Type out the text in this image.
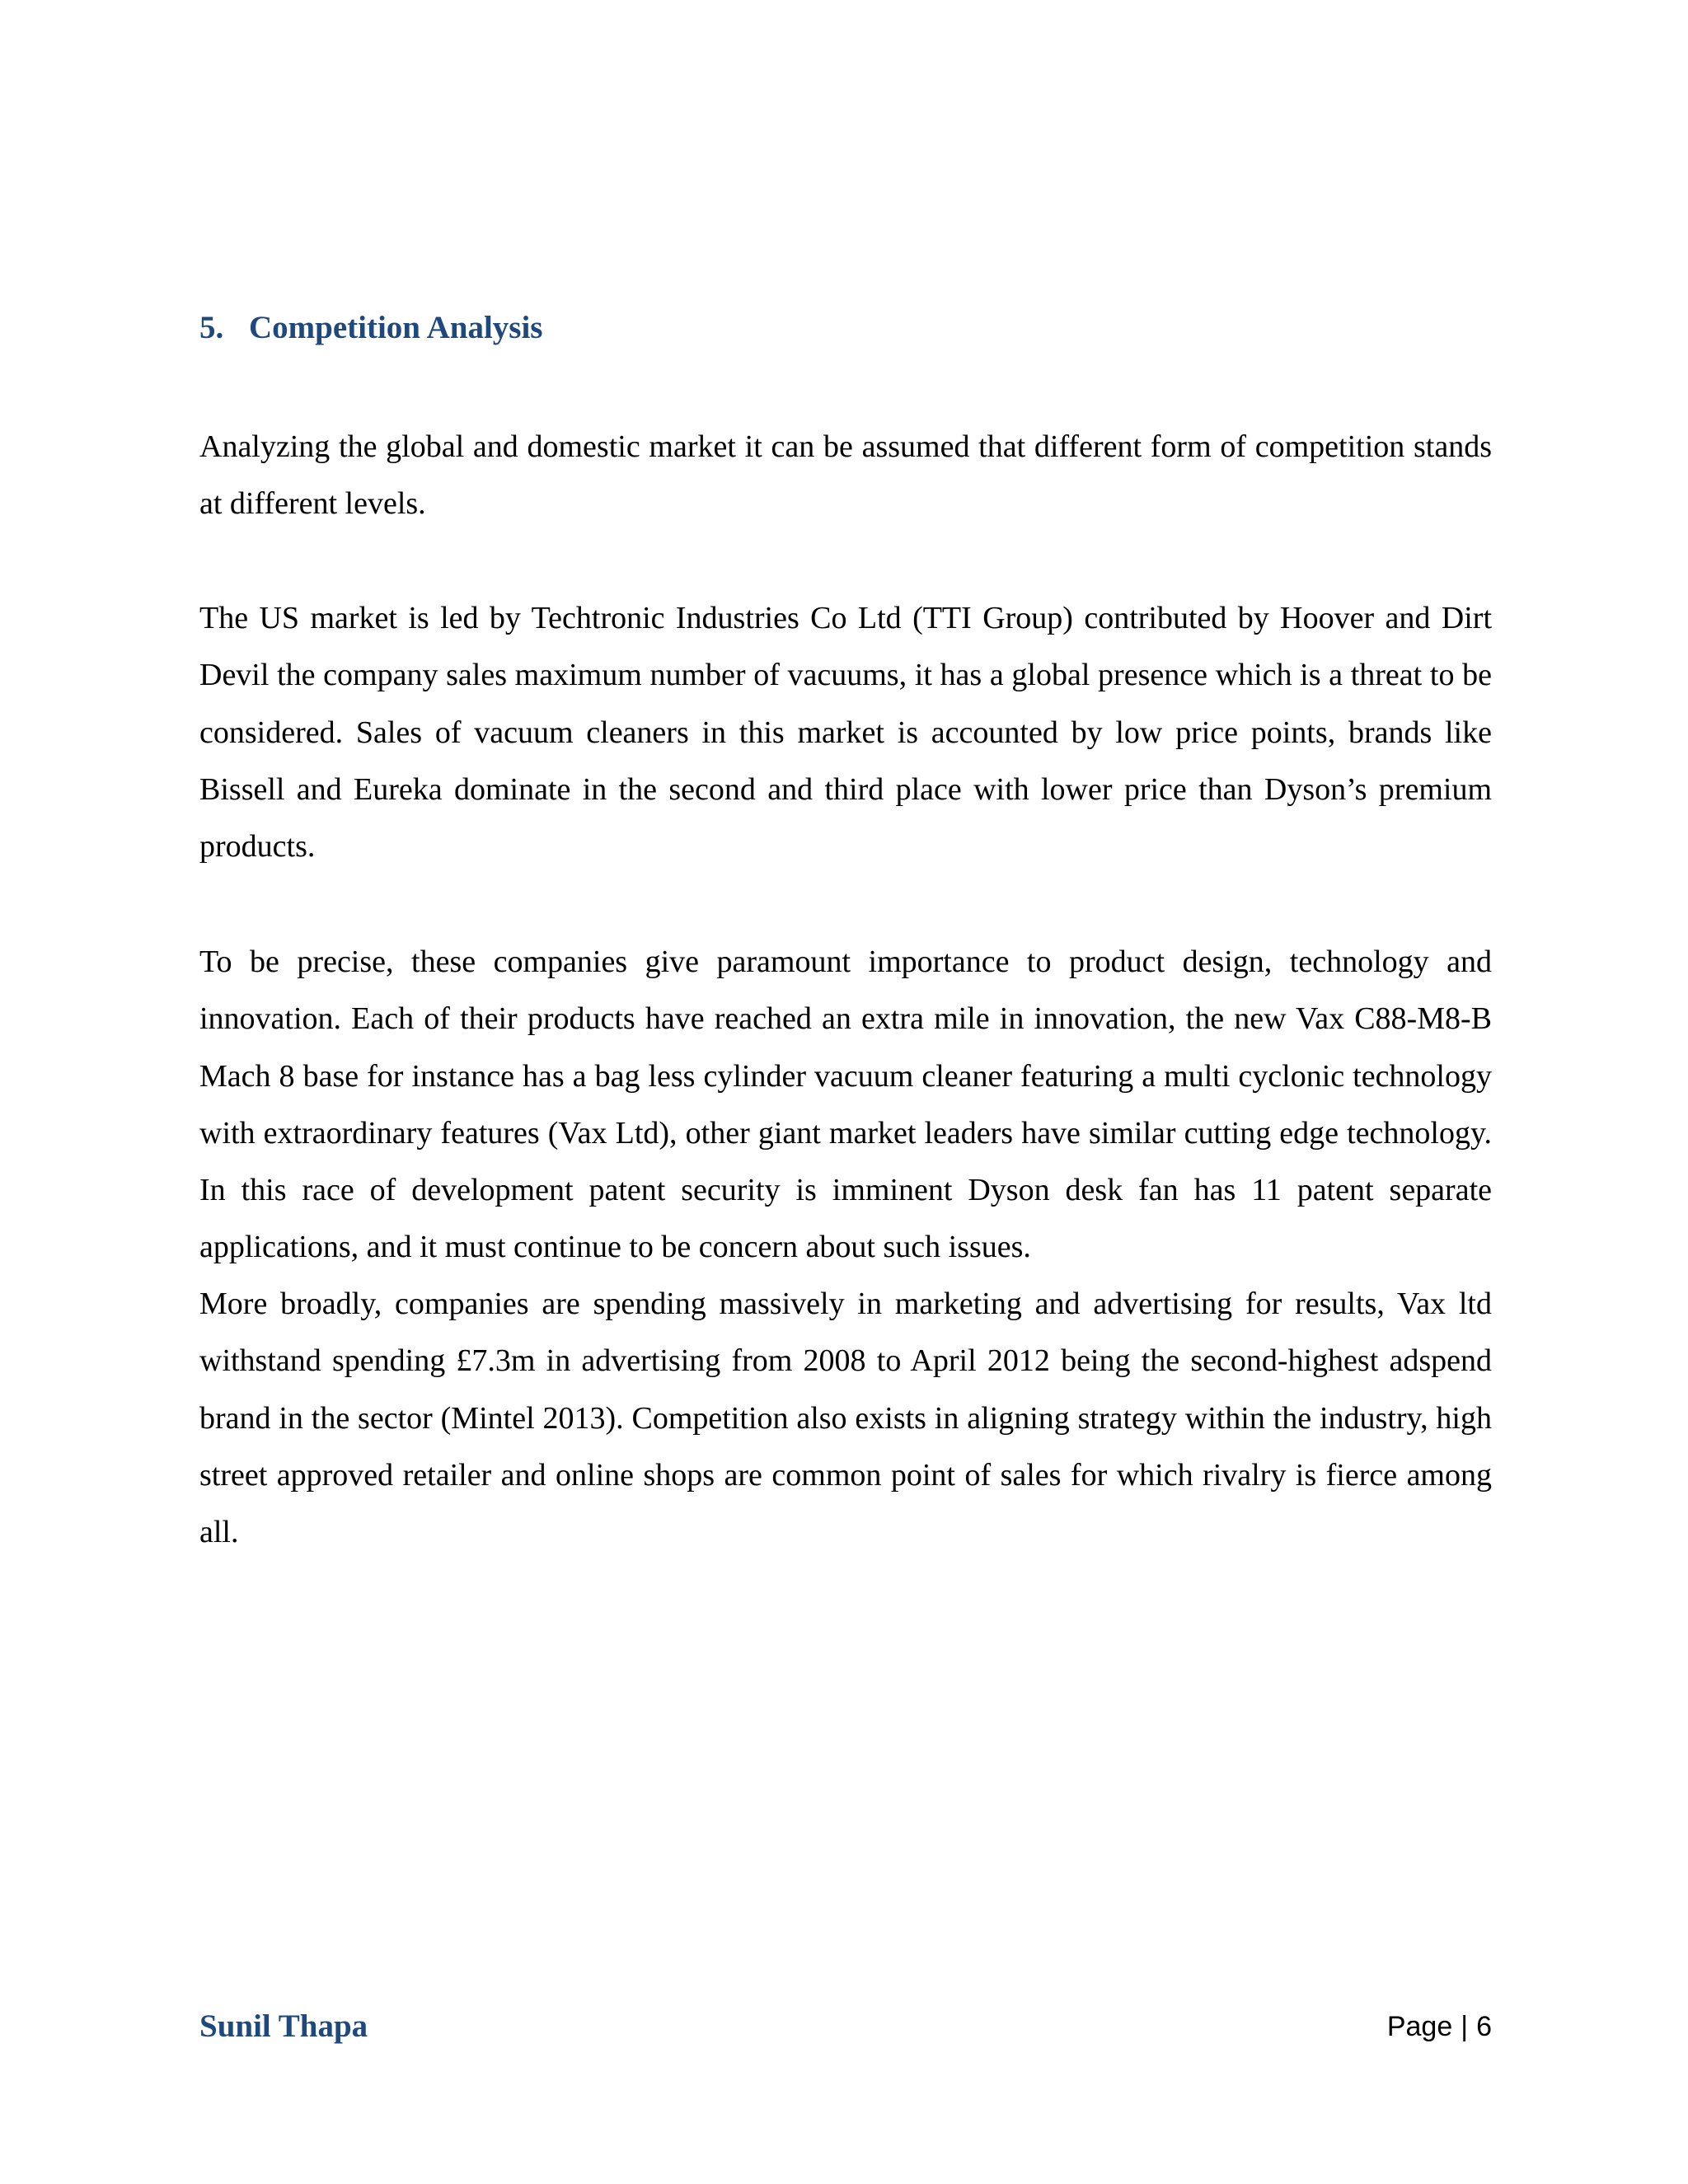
5. Competition Analysis

Analyzing the global and domestic market it can be assumed that different form of competition stands at different levels.

The US market is led by Techtronic Industries Co Ltd (TTI Group) contributed by Hoover and Dirt Devil the company sales maximum number of vacuums, it has a global presence which is a threat to be considered. Sales of vacuum cleaners in this market is accounted by low price points, brands like Bissell and Eureka dominate in the second and third place with lower price than Dyson’s premium products.

To be precise, these companies give paramount importance to product design, technology and innovation. Each of their products have reached an extra mile in innovation, the new Vax C88-M8-B Mach 8 base for instance has a bag less cylinder vacuum cleaner featuring a multi cyclonic technology with extraordinary features (Vax Ltd), other giant market leaders have similar cutting edge technology. In this race of development patent security is imminent Dyson desk fan has 11 patent separate applications, and it must continue to be concern about such issues.

More broadly, companies are spending massively in marketing and advertising for results, Vax ltd withstand spending £7.3m in advertising from 2008 to April 2012 being the second-highest adspend brand in the sector (Mintel 2013). Competition also exists in aligning strategy within the industry, high street approved retailer and online shops are common point of sales for which rivalry is fierce among all.

Sunil Thapa	Page | 6
